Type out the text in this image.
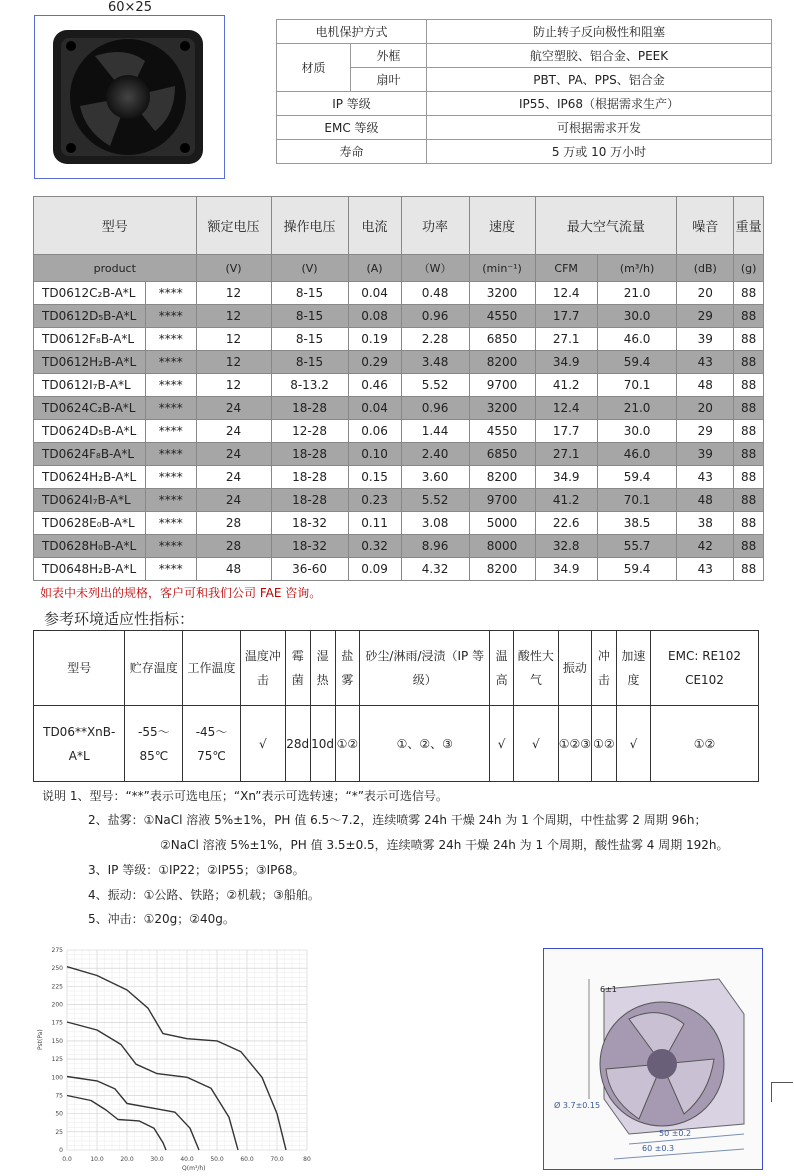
60×25
电机保护方式		防止转子反向极性和阻塞
材质	外框	航空塑胶、铝合金、PEEK
	扇叶	PBT、PA、PPS、铝合金
IP 等级		IP55、IP68（根据需求生产）
EMC 等级		可根据需求开发
寿命		5 万或 10 万小时
型号		额定电压	操作电压	电流	功率	速度	最大空气流量		噪音	重量
product		(V)	(V)	(A)	（W）	(min⁻¹)	CFM	(m³/h)	(dB)	(g)
TD0612C₂B-A*L	****	12	8-15	0.04	0.48	3200	12.4	21.0	20	88
TD0612D₅B-A*L	****	12	8-15	0.08	0.96	4550	17.7	30.0	29	88
TD0612F₈B-A*L	****	12	8-15	0.19	2.28	6850	27.1	46.0	39	88
TD0612H₂B-A*L	****	12	8-15	0.29	3.48	8200	34.9	59.4	43	88
TD0612I₇B-A*L	****	12	8-13.2	0.46	5.52	9700	41.2	70.1	48	88
TD0624C₂B-A*L	****	24	18-28	0.04	0.96	3200	12.4	21.0	20	88
TD0624D₅B-A*L	****	24	12-28	0.06	1.44	4550	17.7	30.0	29	88
TD0624F₈B-A*L	****	24	18-28	0.10	2.40	6850	27.1	46.0	39	88
TD0624H₂B-A*L	****	24	18-28	0.15	3.60	8200	34.9	59.4	43	88
TD0624I₇B-A*L	****	24	18-28	0.23	5.52	9700	41.2	70.1	48	88
TD0628E₀B-A*L	****	28	18-32	0.11	3.08	5000	22.6	38.5	38	88
TD0628H₀B-A*L	****	28	18-32	0.32	8.96	8000	32.8	55.7	42	88
TD0648H₂B-A*L	****	48	36-60	0.09	4.32	8200	34.9	59.4	43	88
如表中未列出的规格，客户可和我们公司 FAE 咨询。
参考环境适应性指标：
型号	贮存温度	工作温度	温度冲击	霉菌	湿热	盐雾	砂尘/淋雨/浸渍（IP 等级）	温高	酸性大气	振动	冲击	加速度	EMC: RE102 CE102
TD06**XnB-A*L	-55～85℃	-45～75℃	√	28d	10d	①②	①、②、③	√	√	①②③	①②	√	①②
说明 1、型号：“**”表示可选电压；“Xn”表示可选转速；“*”表示可选信号。
2、盐雾：①NaCl 溶液 5%±1%，PH 值 6.5～7.2，连续喷雾 24h 干燥 24h 为 1 个周期，中性盐雾 2 周期 96h；
②NaCl 溶液 5%±1%，PH 值 3.5±0.5，连续喷雾 24h 干燥 24h 为 1 个周期，酸性盐雾 4 周期 192h。
3、IP 等级：①IP22；②IP55；③IP68。
4、振动：①公路、铁路；②机载；③船舶。
5、冲击：①20g；②40g。
0.0	10.0	20.0	30.0	40.0	50.0	60.0	70.0	80
0
25
50
75
100
125
150
175
200
225
250
275
Q(m³/h)
Pst(Pa)
6±1
Ø 3.7±0.15
50 ±0.2
60 ±0.3
